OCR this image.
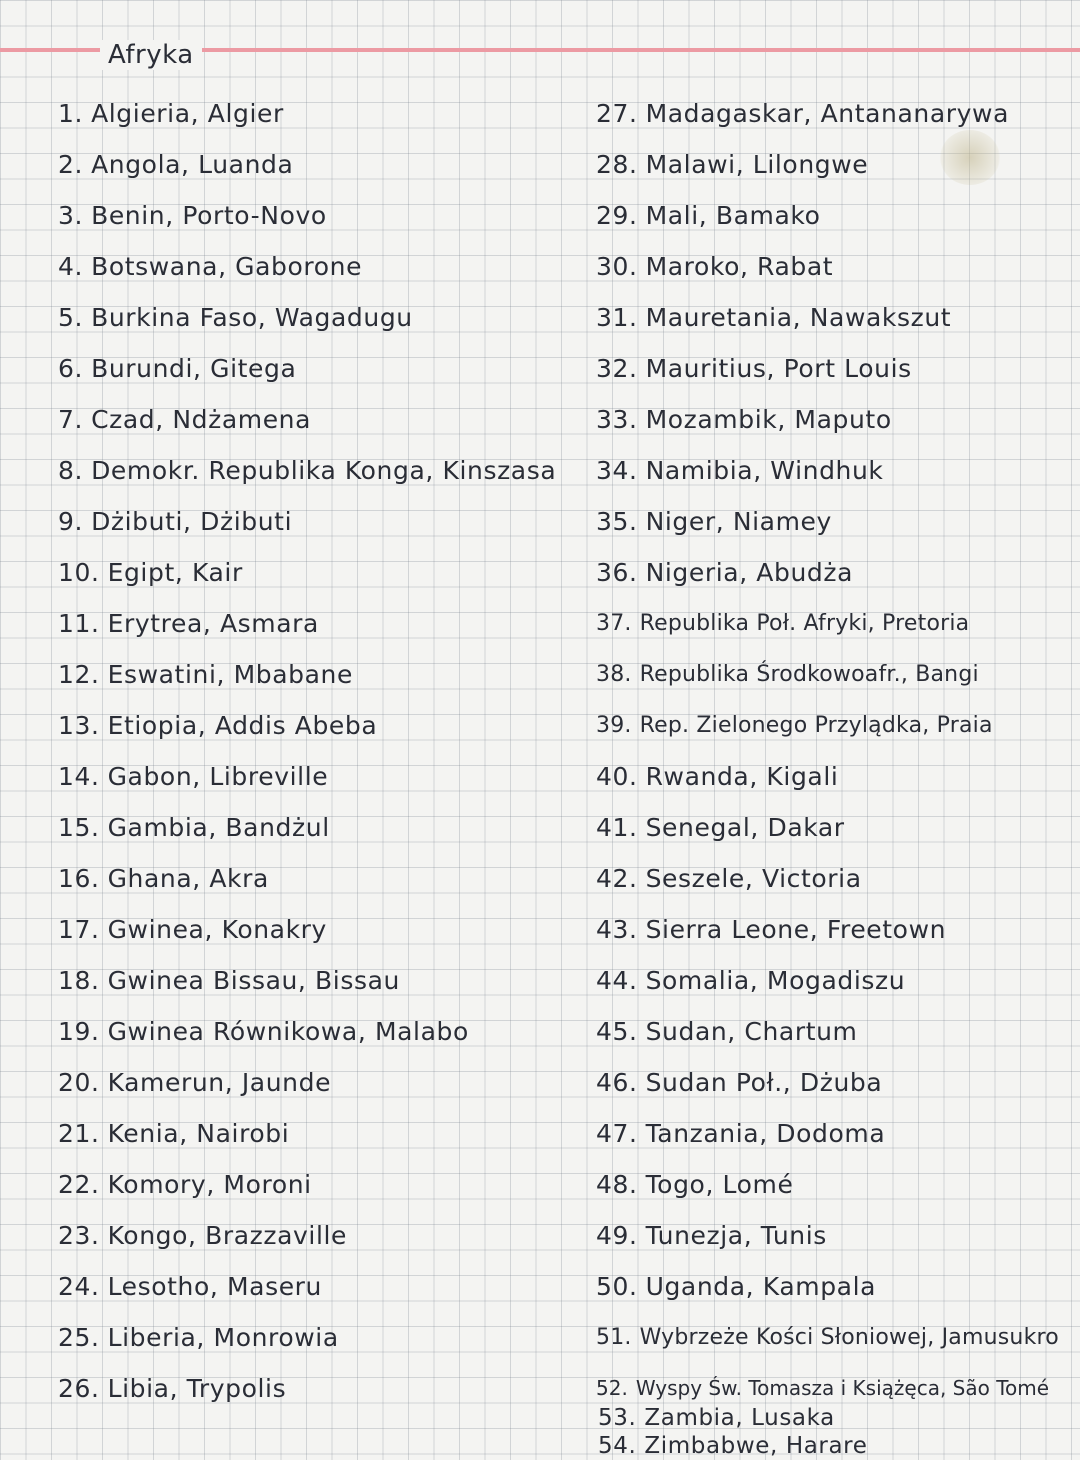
Afryka
1. Algieria, Algier
2. Angola, Luanda
3. Benin, Porto-Novo
4. Botswana, Gaborone
5. Burkina Faso, Wagadugu
6. Burundi, Gitega
7. Czad, Ndżamena
8. Demokr. Republika Konga, Kinszasa
9. Dżibuti, Dżibuti
10. Egipt, Kair
11. Erytrea, Asmara
12. Eswatini, Mbabane
13. Etiopia, Addis Abeba
14. Gabon, Libreville
15. Gambia, Bandżul
16. Ghana, Akra
17. Gwinea, Konakry
18. Gwinea Bissau, Bissau
19. Gwinea Równikowa, Malabo
20. Kamerun, Jaunde
21. Kenia, Nairobi
22. Komory, Moroni
23. Kongo, Brazzaville
24. Lesotho, Maseru
25. Liberia, Monrowia
26. Libia, Trypolis
27. Madagaskar, Antananarywa
28. Malawi, Lilongwe
29. Mali, Bamako
30. Maroko, Rabat
31. Mauretania, Nawakszut
32. Mauritius, Port Louis
33. Mozambik, Maputo
34. Namibia, Windhuk
35. Niger, Niamey
36. Nigeria, Abudża
37. Republika Poł. Afryki, Pretoria
38. Republika Środkowoafr., Bangi
39. Rep. Zielonego Przylądka, Praia
40. Rwanda, Kigali
41. Senegal, Dakar
42. Seszele, Victoria
43. Sierra Leone, Freetown
44. Somalia, Mogadiszu
45. Sudan, Chartum
46. Sudan Poł., Dżuba
47. Tanzania, Dodoma
48. Togo, Lomé
49. Tunezja, Tunis
50. Uganda, Kampala
51. Wybrzeże Kości Słoniowej, Jamusukro
52. Wyspy Św. Tomasza i Książęca, São Tomé
53. Zambia, Lusaka
54. Zimbabwe, Harare
